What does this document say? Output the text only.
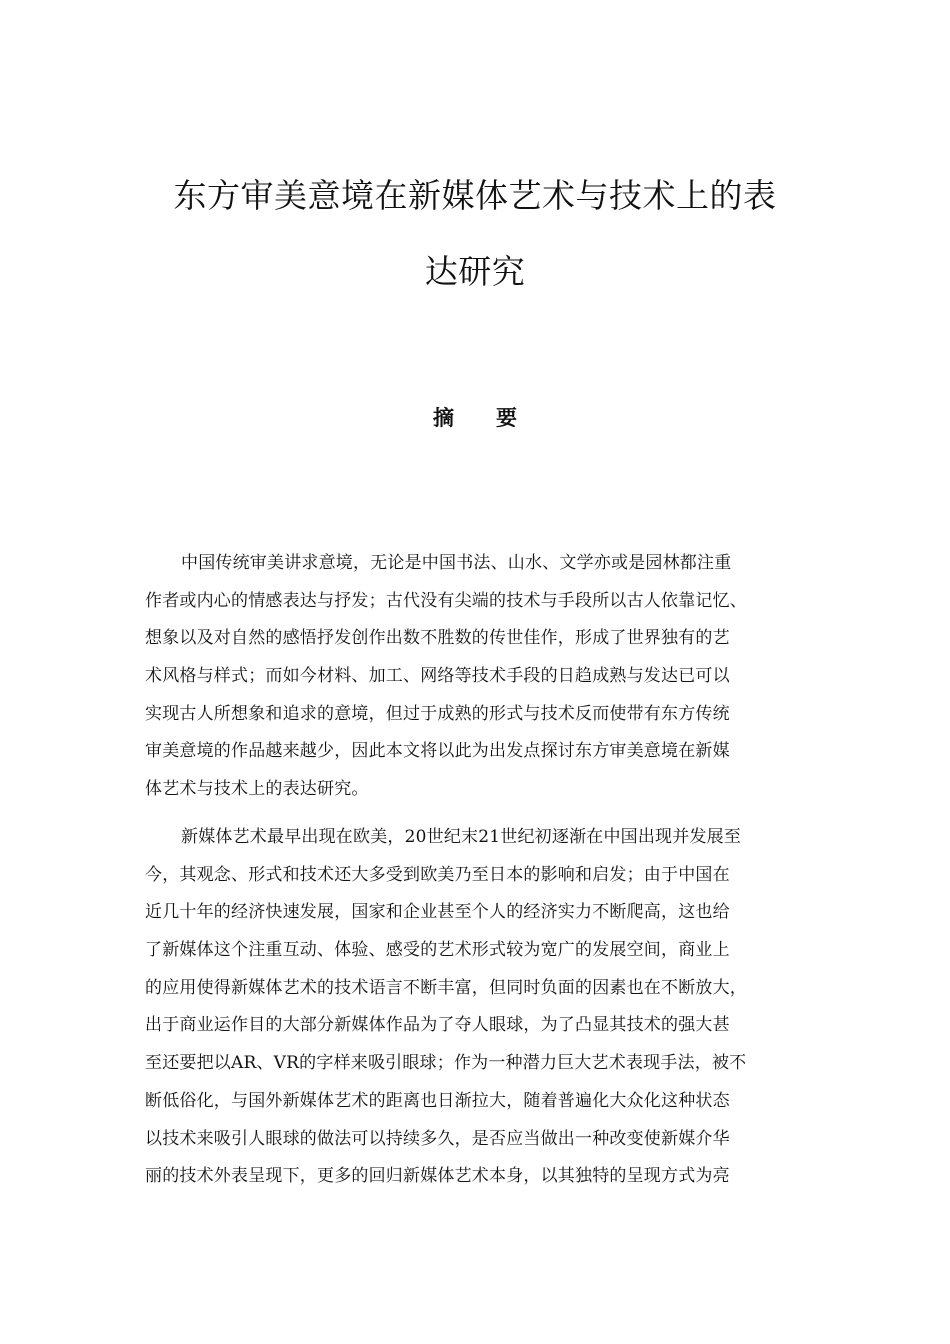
东方审美意境在新媒体艺术与技术上的表
达研究
摘　　要
中国传统审美讲求意境，无论是中国书法、山水、文学亦或是园林都注重
作者或内心的情感表达与抒发；古代没有尖端的技术与手段所以古人依靠记忆、
想象以及对自然的感悟抒发创作出数不胜数的传世佳作，形成了世界独有的艺
术风格与样式；而如今材料、加工、网络等技术手段的日趋成熟与发达已可以
实现古人所想象和追求的意境，但过于成熟的形式与技术反而使带有东方传统
审美意境的作品越来越少，因此本文将以此为出发点探讨东方审美意境在新媒
体艺术与技术上的表达研究。
新媒体艺术最早出现在欧美，20世纪末21世纪初逐渐在中国出现并发展至
今，其观念、形式和技术还大多受到欧美乃至日本的影响和启发；由于中国在
近几十年的经济快速发展，国家和企业甚至个人的经济实力不断爬高，这也给
了新媒体这个注重互动、体验、感受的艺术形式较为宽广的发展空间，商业上
的应用使得新媒体艺术的技术语言不断丰富，但同时负面的因素也在不断放大，
出于商业运作目的大部分新媒体作品为了夺人眼球，为了凸显其技术的强大甚
至还要把以AR、VR的字样来吸引眼球；作为一种潜力巨大艺术表现手法，被不
断低俗化，与国外新媒体艺术的距离也日渐拉大，随着普遍化大众化这种状态
以技术来吸引人眼球的做法可以持续多久，是否应当做出一种改变使新媒介华
丽的技术外表呈现下，更多的回归新媒体艺术本身，以其独特的呈现方式为亮
